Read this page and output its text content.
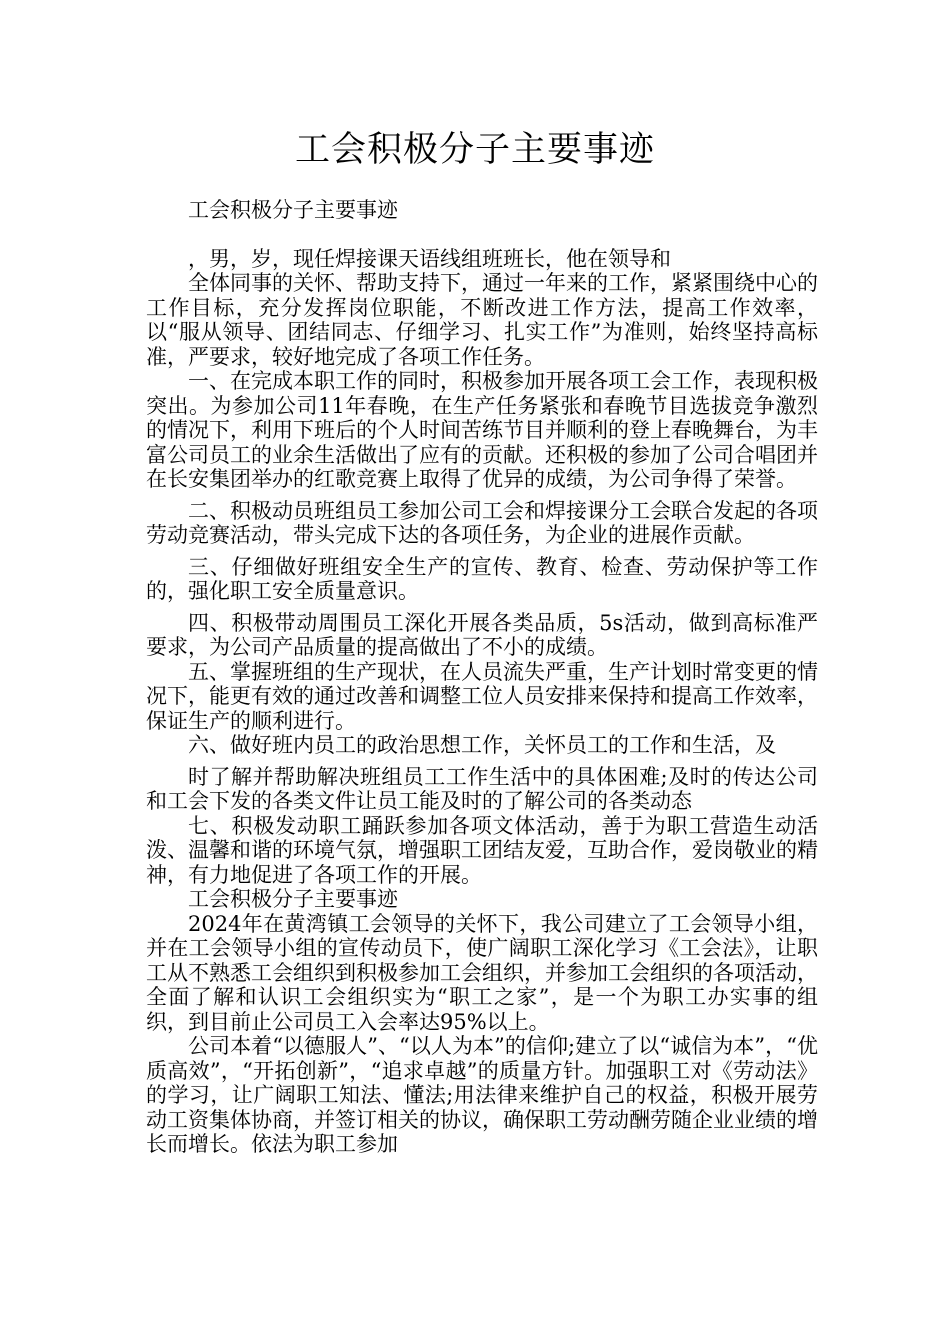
工会积极分子主要事迹

工会积极分子主要事迹

，男，岁，现任焊接课天语线组班班长，他在领导和

全体同事的关怀、帮助支持下，通过一年来的工作，紧紧围绕中心的工作目标，充分发挥岗位职能，不断改进工作方法，提高工作效率，以“服从领导、团结同志、仔细学习、扎实工作”为准则，始终坚持高标准，严要求，较好地完成了各项工作任务。

一、在完成本职工作的同时，积极参加开展各项工会工作，表现积极突出。为参加公司11年春晚，在生产任务紧张和春晚节目选拔竞争激烈的情况下，利用下班后的个人时间苦练节目并顺利的登上春晚舞台，为丰富公司员工的业余生活做出了应有的贡献。还积极的参加了公司合唱团并在长安集团举办的红歌竞赛上取得了优异的成绩，为公司争得了荣誉。

二、积极动员班组员工参加公司工会和焊接课分工会联合发起的各项劳动竞赛活动，带头完成下达的各项任务，为企业的进展作贡献。

三、仔细做好班组安全生产的宣传、教育、检查、劳动保护等工作的，强化职工安全质量意识。

四、积极带动周围员工深化开展各类品质，5s活动，做到高标准严要求，为公司产品质量的提高做出了不小的成绩。

五、掌握班组的生产现状，在人员流失严重，生产计划时常变更的情况下，能更有效的通过改善和调整工位人员安排来保持和提高工作效率，保证生产的顺利进行。

六、做好班内员工的政治思想工作，关怀员工的工作和生活，及

时了解并帮助解决班组员工工作生活中的具体困难;及时的传达公司和工会下发的各类文件让员工能及时的了解公司的各类动态

七、积极发动职工踊跃参加各项文体活动，善于为职工营造生动活泼、温馨和谐的环境气氛，增强职工团结友爱，互助合作，爱岗敬业的精神，有力地促进了各项工作的开展。

工会积极分子主要事迹

2024年在黄湾镇工会领导的关怀下，我公司建立了工会领导小组，并在工会领导小组的宣传动员下，使广阔职工深化学习《工会法》，让职工从不熟悉工会组织到积极参加工会组织，并参加工会组织的各项活动，全面了解和认识工会组织实为“职工之家”，是一个为职工办实事的组织，到目前止公司员工入会率达95%以上。

公司本着“以德服人”、“以人为本”的信仰;建立了以“诚信为本”，“优质高效”，“开拓创新”，“追求卓越”的质量方针。加强职工对《劳动法》的学习，让广阔职工知法、懂法;用法律来维护自己的权益，积极开展劳动工资集体协商，并签订相关的协议，确保职工劳动酬劳随企业业绩的增长而增长。依法为职工参加
